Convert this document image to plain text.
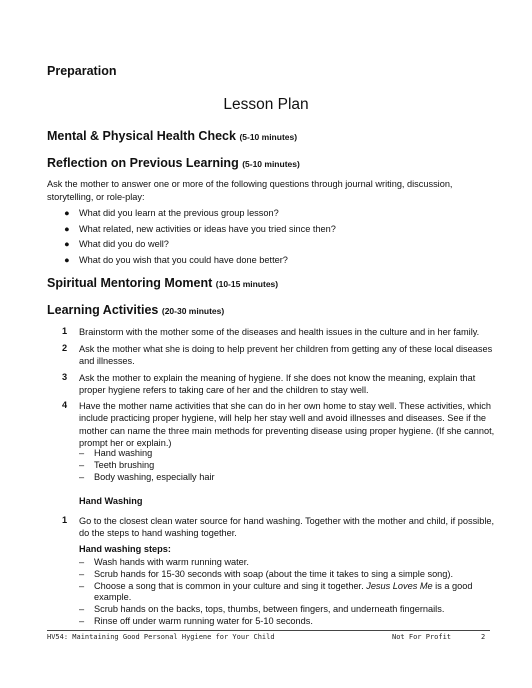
Preparation
Lesson Plan
Mental & Physical Health Check (5-10 minutes)
Reflection on Previous Learning (5-10 minutes)
Ask the mother to answer one or more of the following questions through journal writing, discussion, storytelling, or role-play:
● What did you learn at the previous group lesson?
● What related, new activities or ideas have you tried since then?
● What did you do well?
● What do you wish that you could have done better?
Spiritual Mentoring Moment (10-15 minutes)
Learning Activities (20-30 minutes)
1 Brainstorm with the mother some of the diseases and health issues in the culture and in her family.
2 Ask the mother what she is doing to help prevent her children from getting any of these local diseases and illnesses.
3 Ask the mother to explain the meaning of hygiene. If she does not know the meaning, explain that proper hygiene refers to taking care of her and the children to stay well.
4 Have the mother name activities that she can do in her own home to stay well. These activities, which include practicing proper hygiene, will help her stay well and avoid illnesses and diseases. See if the mother can name the three main methods for preventing disease using proper hygiene. (If she cannot, prompt her or explain.)
– Hand washing
– Teeth brushing
– Body washing, especially hair
Hand Washing
1 Go to the closest clean water source for hand washing. Together with the mother and child, if possible, do the steps to hand washing together.
Hand washing steps:
– Wash hands with warm running water.
– Scrub hands for 15-30 seconds with soap (about the time it takes to sing a simple song).
– Choose a song that is common in your culture and sing it together. Jesus Loves Me is a good example.
– Scrub hands on the backs, tops, thumbs, between fingers, and underneath fingernails.
– Rinse off under warm running water for 5-10 seconds.
HV54: Maintaining Good Personal Hygiene for Your Child	Not For Profit	2
